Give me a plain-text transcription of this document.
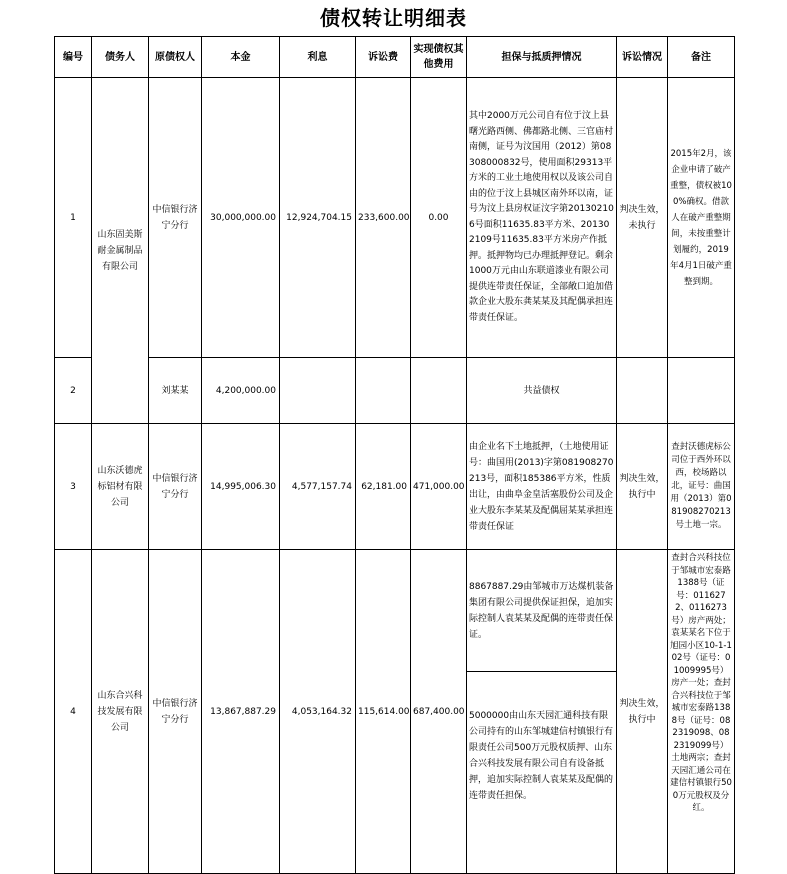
债权转让明细表
编号	债务人	原债权人	本金	利息	诉讼费	实现债权其他费用	担保与抵质押情况	诉讼情况	备注
1	山东固美斯耐金属制品有限公司	中信银行济宁分行	30,000,000.00	12,924,704.15	233,600.00	0.00	其中2000万元公司自有位于汶上县曙光路西侧、佛都路北侧、三官庙村南侧，证号为汶国用（2012）第08308000832号，使用面积29313平方米的工业土地使用权以及该公司自由的位于汶上县城区南外环以南，证号为汶上县房权证汶字第201302106号面积11635.83平方米、201302109号11635.83平方米房产作抵押。抵押物均已办理抵押登记。剩余1000万元由山东联道漆业有限公司提供连带责任保证，全部敞口追加借款企业大股东龚某某及其配偶承担连带责任保证。	判决生效，未执行	2015年2月，该企业申请了破产重整，债权被100%确权。借款人在破产重整期间，未按重整计划履约，2019年4月1日破产重整到期。
2		刘某某	4,200,000.00				共益债权		
3	山东沃德虎标铝材有限公司	中信银行济宁分行	14,995,006.30	4,577,157.74	62,181.00	471,000.00	由企业名下土地抵押，（土地使用证号：曲国用(2013)字第081908270213号，面积185386平方米，性质出让，由曲阜金皇活塞股份公司及企业大股东李某某及配偶屈某某承担连带责任保证	判决生效，执行中	查封沃德虎标公司位于西外环以西，校场路以北，证号：曲国用（2013）第081908270213号土地一宗。
4	山东合兴科技发展有限公司	中信银行济宁分行	13,867,887.29	4,053,164.32	115,614.00	687,400.00	8867887.29由邹城市万达煤机装备集团有限公司提供保证担保，追加实际控制人袁某某及配偶的连带责任保证。	判决生效，执行中	查封合兴科技位于邹城市宏泰路1388号（证号：0116272、0116273号）房产两处；袁某某名下位于旭园小区10-1-102号（证号：01009995号）房产一处；查封合兴科技位于邹城市宏泰路1388号（证号：082319098、082319099号）土地两宗；查封天园汇通公司在建信村镇银行500万元股权及分红。
							5000000由山东天园汇通科技有限公司持有的山东邹城建信村镇银行有限责任公司500万元股权质押、山东合兴科技发展有限公司自有设备抵押，追加实际控制人袁某某及配偶的连带责任担保。		
